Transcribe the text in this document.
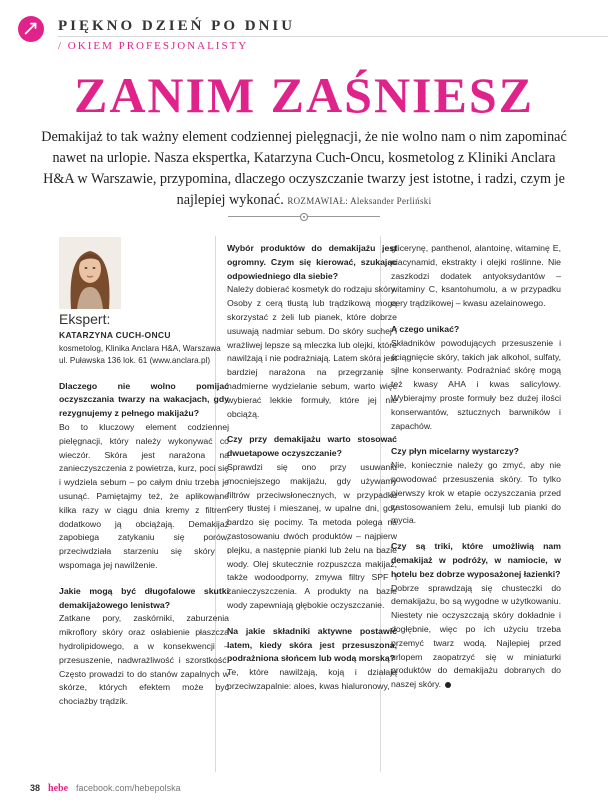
PIĘKNO DZIEŃ PO DNIU
/ OKIEM PROFESJONALISTY
ZANIM ZAŚNIESZ
Demakijaż to tak ważny element codziennej pielęgnacji, że nie wolno nam o nim zapominać nawet na urlopie. Nasza ekspertka, Katarzyna Cuch-Oncu, kosmetolog z Kliniki Anclara H&A w Warszawie, przypomina, dlaczego oczyszczanie twarzy jest istotne, i radzi, czym je najlepiej wykonać. ROZMAWIAŁ: Aleksander Perliński
Ekspert:
KATARZYNA CUCH-ONCU
kosmetolog, Klinika Anclara H&A, Warszawa ul. Puławska 136 lok. 61 (www.anclara.pl)

Dlaczego nie wolno pomijać oczyszczania twarzy na wakacjach, gdy rezygnujemy z pełnego makijażu?

Bo to kluczowy element codziennej pielęgnacji, który należy wykonywać co wieczór. Skóra jest narażona na zanieczyszczenia z powietrza, kurz, poci się i wydziela sebum – po całym dniu trzeba je usunąć. Pamiętajmy też, że aplikowane kilka razy w ciągu dnia kremy z filtrem dodatkowo ją obciążają. Demakijaż zapobiega zatykaniu się porów, przeciwdziała starzeniu się skóry i wspomaga jej nawilżenie.

Jakie mogą być długofalowe skutki demakijażowego lenistwa?

Zatkane pory, zaskórniki, zaburzenia mikroflory skóry oraz osłabienie płaszcza hydrolipidowego, a w konsekwencji – przesuszenie, nadwrażliwość i szorstkość. Często prowadzi to do stanów zapalnych w skórze, których efektem może być chociażby trądzik.

Wybór produktów do demakijażu jest ogromny. Czym się kierować, szukając odpowiedniego dla siebie?

Należy dobierać kosmetyk do rodzaju skóry. Osoby z cerą tłustą lub trądzikową mogą skorzystać z żeli lub pianek, które dobrze usuwają nadmiar sebum. Do skóry suchej i wrażliwej lepsze są mleczka lub olejki, które nawilżają i nie podrażniają. Latem skóra jest bardziej narażona na przegrzanie i nadmierne wydzielanie sebum, warto więc wybierać lekkie formuły, które jej nie obciążą.

Czy przy demakijażu warto stosować dwuetapowe oczyszczanie?

Sprawdzi się ono przy usuwaniu mocniejszego makijażu, gdy używamy filtrów przeciwsłonecznych, w przypadku cery tłustej i mieszanej, w upalne dni, gdy bardzo się pocimy. Ta metoda polega na zastosowaniu dwóch produktów – najpierw olejku, a następnie pianki lub żelu na bazie wody. Olej skutecznie rozpuszcza makijaż, także wodoodporny, zmywa filtry SPF i zanieczyszczenia. A produkty na bazie wody zapewniają głębokie oczyszczanie.

Na jakie składniki aktywne postawić latem, kiedy skóra jest przesuszona, podrażniona słońcem lub wodą morską?

Te, które nawilżają, koją i działają przeciwzapalnie: aloes, kwas hialuronowy,

glicerynę, panthenol, alantoinę, witaminę E, niacynamid, ekstrakty i olejki roślinne. Nie zaszkodzi dodatek antyoksydantów – witaminy C, ksantohumolu, a w przypadku cery trądzikowej – kwasu azelainowego.

A czego unikać?

Składników powodujących przesuszenie i ściągnięcie skóry, takich jak alkohol, sulfaty, silne konserwanty. Podrażniać skórę mogą też kwasy AHA i kwas salicylowy. Wybierajmy proste formuły bez dużej ilości konserwantów, sztucznych barwników i zapachów.

Czy płyn micelarny wystarczy?

Nie, koniecznie należy go zmyć, aby nie powodować przesuszenia skóry. To tylko pierwszy krok w etapie oczyszczania przed zastosowaniem żelu, emulsji lub pianki do mycia.

Czy są triki, które umożliwią nam demakijaż w podróży, w namiocie, w hotelu bez dobrze wyposażonej łazienki?

Dobrze sprawdzają się chusteczki do demakijażu, bo są wygodne w użytkowaniu. Niestety nie oczyszczają skóry dokładnie i dogłębnie, więc po ich użyciu trzeba przemyć twarz wodą. Najlepiej przed urlopem zaopatrzyć się w miniaturki produktów do demakijażu dobranych do naszej skóry.

38 hebe facebook.com/hebepolska
